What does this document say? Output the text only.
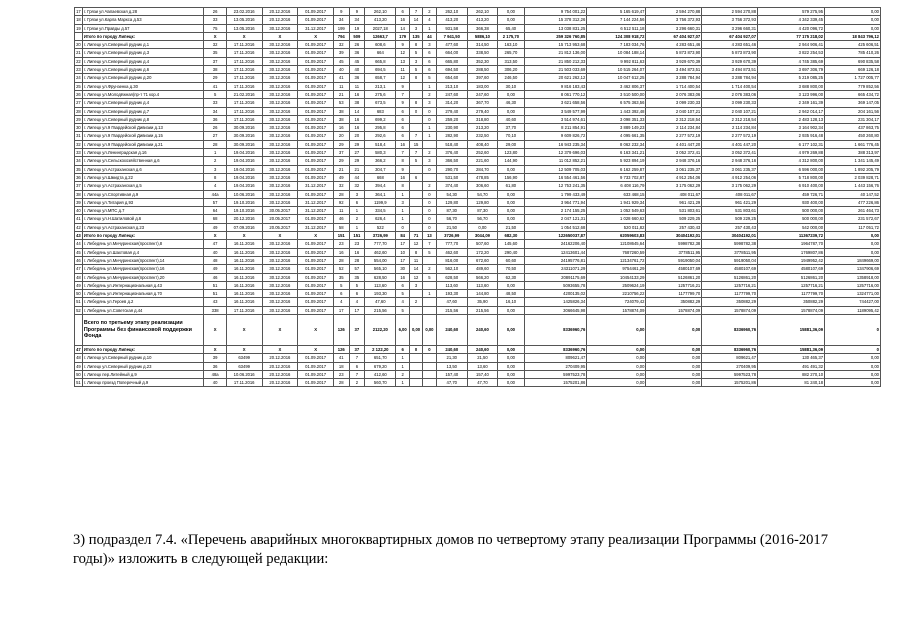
17	г. Грязи ул.Чапаевская д.28	26	23.02.2016	20.12.2016	01.09.2017	9	9	262,10	6	7	2	262,10	262,10	0,00	9 754 001,22	5 165 619,47	2 594 270,88	2 594 270,88	579 275,95	0,00
18	г. Грязи ул.Карла Маркса д.53	33	13.05.2016	20.12.2016	01.09.2017	34	34	413,20	16	14	4	413,20	413,20	0,00	15 378 312,26	7 144 224,56	3 756 372,93	3 756 372,93	4 342 339,45	0,00
19	г. Грязи ул.Правды д.57	75	13.05.2016	30.12.2016	31.12.2017	199	19	2027,18	14	3	1	931,58	366,38	65,40	13 038 831,25	6 512 511,18	3 296 660,31	3 296 660,31	4 420 096,72	0,00
	Итого по городу Липецк:	X	X	X	X	794	509	12663,7	179	135	44	7 941,50	5886,10	2 175,70	259 326 760,85	124 308 918,72	67 404 927,07	67 404 927,07	77 175 218,02	18 843 796,12
20	г. Липецк ул.Северный рудник д.1	32	17.11.2016	30.12.2016	01.09.2017	32	26	608,6	9	8	3	477,60	314,50	163,10	15 713 953,68	7 183 034,76	4 283 651,46	4 283 651,46	2 944 906,41	425 606,51
21	г. Липецк ул.Северный рудник д.3	35	17.11.2016	30.12.2016	01.09.2017	39	36	664	12	5	6	664,00	338,50	265,70	21 812 136,00	10 084 188,14	5 873 873,90	5 873 873,90	3 822 254,53	785 410,26
22	г. Липецк ул.Северный рудник д.4	37	17.11.2016	30.12.2016	01.09.2017	45	45	665,8	13	3	6	665,80	352,30	313,50	21 850 212,33	9 992 811,63	3 929 670,39	3 929 670,39	4 745 385,69	690 835,58
23	г. Липецк ул.Северный рудник д.6	38	17.11.2016	30.12.2016	01.09.2017	40	40	694,5	11	5	6	694,50	288,50	306,20	21 503 033,69	10 515 264,07	3 494 873,51	3 494 873,51	3 697 306,79	669 126,18
24	г. Липецк ул.Северный рудник д.20	29	17.11.2016	30.12.2016	01.09.2017	41	36	658,7	12	8	5	654,60	397,60	246,50	20 621 262,12	10 047 612,25	3 288 784,94	3 288 784,94	5 219 085,25	1 727 005,77
25	г. Липецк ул.Фрунзенка д.30	41	17.11.2016	30.12.2016	01.09.2017	11	11	213,1	9		1	213,10	183,00	30,10	9 816 183,43	3 462 806,37	1 714 400,54	1 714 400,54	3 688 800,00	779 852,56
26	г. Липецк ул.Молодёжная(пр-т 71 кор.4	5	21.02.2016	30.12.2016	01.09.2017	21	16	275,6	7		2	247,60	247,60	0,00	8 061 770,12	3 510 500,00	2 076 383,06	2 076 383,06	3 123 996,00	665 434,72
27	г. Липецк ул.Северный рудник д.4	33	17.11.2016	30.12.2016	01.09.2017	53	38	673,5	9	8	3	314,20	367,70	46,30	3 621 658,56	6 575 363,56	3 099 230,33	3 099 230,33	2 349 161,39	369 147,05
28	г. Липецк ул.Северный рудник д.7	34	17.11.2016	30.12.2016	01.09.2017	38	14	683	6	0	0	279,40	279,40	0,00	3 549 577,99	1 443 392,48	2 040 107,21	2 040 107,21	2 942 014,17	204 161,56
29	г. Липецк ул.Северный рудник д.8	36	17.11.2016	30.12.2016	01.09.2017	38	16	699,2	6		0	259,20	318,80	40,60	3 514 974,61	3 098 351,33	2 312 218,54	2 312 218,54	2 483 128,13	231 304,17
30	г. Липецк ул.9 Гвардейской Дивизии д.13	26	30.09.2016	30.12.2016	01.09.2017	16	16	295,8	6		1	230,90	213,20	37,70	8 211 854,91	3 889 149,23	2 114 234,84	2 114 234,84	3 164 902,34	437 863,75
31	г. Липецк ул.9 Гвардейской Дивизии д.15	27	30.09.2016	30.12.2016	01.09.2017	20	20	292,6	6	7	1	282,90	232,50	70,10	9 609 826,72	4 095 661,35	2 277 572,19	2 277 572,19	2 935 916,48	450 260,80
32	г. Липецк ул.9 Гвардейской Дивизии д.21	28	30.09.2016	30.12.2016	01.09.2017	29	29	518,4	16	15		518,40	408,40	29,00	16 943 235,34	8 062 232,34	4 401 447,20	4 401 447,20	6 177 102,31	1 661 776,45
33	г. Липецк ул.Ленинградская д.16	1	19.04.2016	30.12.2016	01.09.2017	37	27	580,3	7	7	2	376,40	252,60	123,80	12 379 696,03	6 163 341,21	3 052 372,41	3 052 372,41	4 979 269,88	388 313,97
34	г. Липецк ул.Сельскохозяйственная д.6	2	19.04.2016	30.12.2016	01.09.2017	29	29	366,2	8	5	3	366,50	221,60	144,90	11 012 852,21	5 923 894,19	2 948 376,16	2 948 376,16	4 312 800,00	1 341 145,49
35	г. Липецк ул.Астраханская д.6	3	19.04.2016	30.12.2016	01.09.2017	21	21	304,7	9		0	290,70	284,70	0,00	12 509 705,03	6 162 259,87	3 061 235,37	3 061 235,37	6 596 000,00	1 892 205,79
36	г. Липецк ул.Шмидта д.22	8	19.04.2016	30.12.2016	01.09.2017	49	44	668	16	6		531,50	478,85	156,90	16 554 461,56	9 733 702,87	4 912 254,06	4 912 254,06	5 718 800,00	2 039 828,71
37	г. Липецк ул.Астраханская д.5	4	19.04.2016	30.12.2016	31.12.2017	32	32	394,4	8		2	374,40	306,60	61,80	12 753 241,35	6 408 116,79	3 175 062,29	3 175 062,29	6 910 400,00	1 443 156,76
38	г. Липецк ул.Спортивная д.9	44а	10.06.2016	30.12.2016	01.09.2017	28	3	364,1	1		0	54,30	54,70	0,00	1 799 433,49	633 468,15	408 011,67	408 011,67	459 726,71	40 147,52
39	г. Липецк ул.Титария д.93	57	19.10.2016	30.12.2016	31.12.2017	92	6	1199,9	3		0	129,80	129,80	0,00	3 964 771,94	1 941 929,34	961 421,29	961 421,29	930 400,00	477 226,86
40	г. Липецк ул.МПС д.7	64	19.10.2016	30.05.2017	31.12.2017	11	1	334,5	1		0	87,30	87,30	0,00	2 174 155,25	1 052 549,63	531 803,61	531 803,61	500 000,00	261 464,73
41	г. Липецк ул.Н.Шатиловой д.6	68	20.12.2016	20.05.2017	01.09.2017	46	2	626,4	1		0	56,70	56,70	0,00	2 047 121,31	1 028 660,62	509 229,25	509 229,25	500 000,00	231 572,67
42	г. Липецк ул.Астраханская д.23	49	07.09.2016	20.05.2017	31.12.2017	58	1	522	0		0	21,50	0,00	21,50	1 054 512,68	520 011,82	257 430,43	257 430,43	542 000,00	117 051,72
43	Итого по городу Липецк:	X	X	X	X	151	151	3726,99	84	71	13	3726,99	3044,09	682,30	122650037,87	62059603,83	30404192,01	30404192,01	11367239,72	0,00
44	г. Лебедянь ул.Мичуринская(проспект),8	47	16.11.2016	30.12.2016	01.09.2017	23	23	777,70	17	12	7	777,70	507,60	145,60	24162206,40	12108645,64	5998782,38	5998782,38	1964787,70	0,00
45	г. Лебедянь ул.Шахтовая д.4	40	16.11.2016	30.12.2016	01.09.2017	16	16	462,60	10	8	5	462,60	172,20	290,40	12413601,44	7687260,59	3778511,95	3778511,95	1769807,86	0,00
46	г. Лебедянь ул.Мичуринская(проспект),14	48	16.11.2016	30.12.2016	01.09.2017	28	28	554,00	17	11		816,00	672,60	60,60	24195776,81	12134761,72	5919050,04	5919050,04	1949952,42	1849669,00
47	г. Лебедянь ул.Мичуринская(проспект),16	49	16.11.2016	30.12.2016	01.09.2017	52	57	565,10	30	14	2	562,10	489,60	70,50	24311071,29	9754461,29	4580107,69	4580107,69	4580107,69	1347906,69
48	г. Лебедянь ул.Мичуринская(проспект),20	46	16.11.2016	30.12.2016	01.09.2017	35	35	628,50	16	12	5	628,50	566,20	62,30	20891175,69	10454133,29	5126861,20	5126861,20	5126861,20	1358918,00
49	г. Лебедянь ул.Интернациональная д.43	51	16.11.2016	30.12.2016	01.09.2017	5	5	113,60	6	3		113,60	113,60	0,00	5093655,78	2509624,19	1257716,21	1257716,21	1257716,21	1257716,00
50	г. Лебедянь ул.Интернациональная д.70	51	16.11.2016	30.12.2016	01.09.2017	6	6	193,30	5		1	193,30	144,80	48,50	4200135,02	2210756,22	1177799,70	1177799,70	1177799,70	1324771,00
51	г. Лебедянь ул.Героев д.2	43	16.11.2016	30.12.2016	01.09.2017	4	4	47,60	4	2		47,60	35,90	16,10	1425826,34	724079,42	350882,29	350882,29	350882,29	744427,00
52	г. Лебедянь ул.Советская д.44	338	17.11.2016	30.12.2016	01.09.2017	17	17	215,56	5			215,56	215,56	0,00	3066645,98	1578874,09	1578874,09	1578874,09	1578874,09	1189095,42
	Всего по третьему этапу реализации Программы без финансовой поддержки Фонда	X	X	X	X	126	37	2122,20	6,00	0,00	0,00	240,60	240,60	0,00	8336960,76	0,00	0,00	8336960,76	15881,36,09	0
47	Итого по городу Липецк:	X	X	X	X	126	37	2 122,20	6	0	0	240,60	240,60	0,00	8336960,76	0,00	0,00	8336960,76	15881,36,09	0
48	г. Липецк ул.Северный рудник д.10	39	63499	20.12.2016	01.09.2017	41	7	651,70	1			21,30	21,50	0,00	809621,47	0,00	0,00	809621,47	130 465,37	0,00
49	г. Липецк ул.Северный рудник д.23	36	63499	20.12.2016	01.09.2017	18	6	679,20	1			13,50	13,60	0,00	270409,95	0,00	0,00	270409,95	491 491,32	0,00
50	г. Липецк пер.Литейный д.9	48а	10.06.2016	20.12.2016	01.09.2017	23	7	412,60	2			157,40	157,40	0,00	5997523,78	0,00	0,00	5997523,78	882 270,10	0,00
51	г. Липецк проезд Поперечный д.9	40	17.11.2016	20.12.2016	01.09.2017	28	2	560,70	1			47,70	47,70	0,00	1575201,86	0,00	0,00	1575201,86	81 240,18	0,00

3) подраздел 7.4. «Перечень аварийных многоквартирных домов по четвертому этапу реализации Программы (2016-2017 годы)» изложить в следующей редакции:
